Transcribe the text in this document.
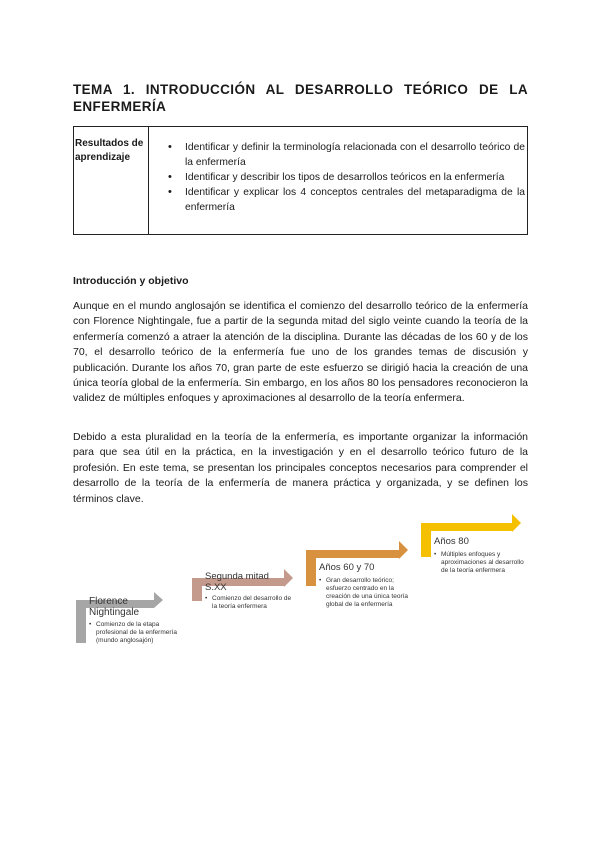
TEMA 1. INTRODUCCIÓN AL DESARROLLO TEÓRICO DE LA
ENFERMERÍA
Resultados de aprendizaje
• Identificar y definir la terminología relacionada con el desarrollo teórico de la enfermería
• Identificar y describir los tipos de desarrollos teóricos en la enfermería
• Identificar y explicar los 4 conceptos centrales del metaparadigma de la enfermería
Introducción y objetivo

Aunque en el mundo anglosajón se identifica el comienzo del desarrollo teórico de la enfermería con Florence Nightingale, fue a partir de la segunda mitad del siglo veinte cuando la teoría de la enfermería comenzó a atraer la atención de la disciplina. Durante las décadas de los 60 y de los 70, el desarrollo teórico de la enfermería fue uno de los grandes temas de discusión y publicación. Durante los años 70, gran parte de este esfuerzo se dirigió hacia la creación de una única teoría global de la enfermería. Sin embargo, en los años 80 los pensadores reconocieron la validez de múltiples enfoques y aproximaciones al desarrollo de la teoría enfermera.

Debido a esta pluralidad en la teoría de la enfermería, es importante organizar la información para que sea útil en la práctica, en la investigación y en el desarrollo teórico futuro de la profesión. En este tema, se presentan los principales conceptos necesarios para comprender el desarrollo de la teoría de la enfermería de manera práctica y organizada, y se definen los términos clave.

Florence Nightingale
• Comienzo de la etapa profesional de la enfermería (mundo anglosajón)
Segunda mitad S.XX
• Comienzo del desarrollo de la teoría enfermera
Años 60 y 70
• Gran desarrollo teórico; esfuerzo centrado en la creación de una única teoría global de la enfermería
Años 80
• Múltiples enfoques y aproximaciones al desarrollo de la teoría enfermera
